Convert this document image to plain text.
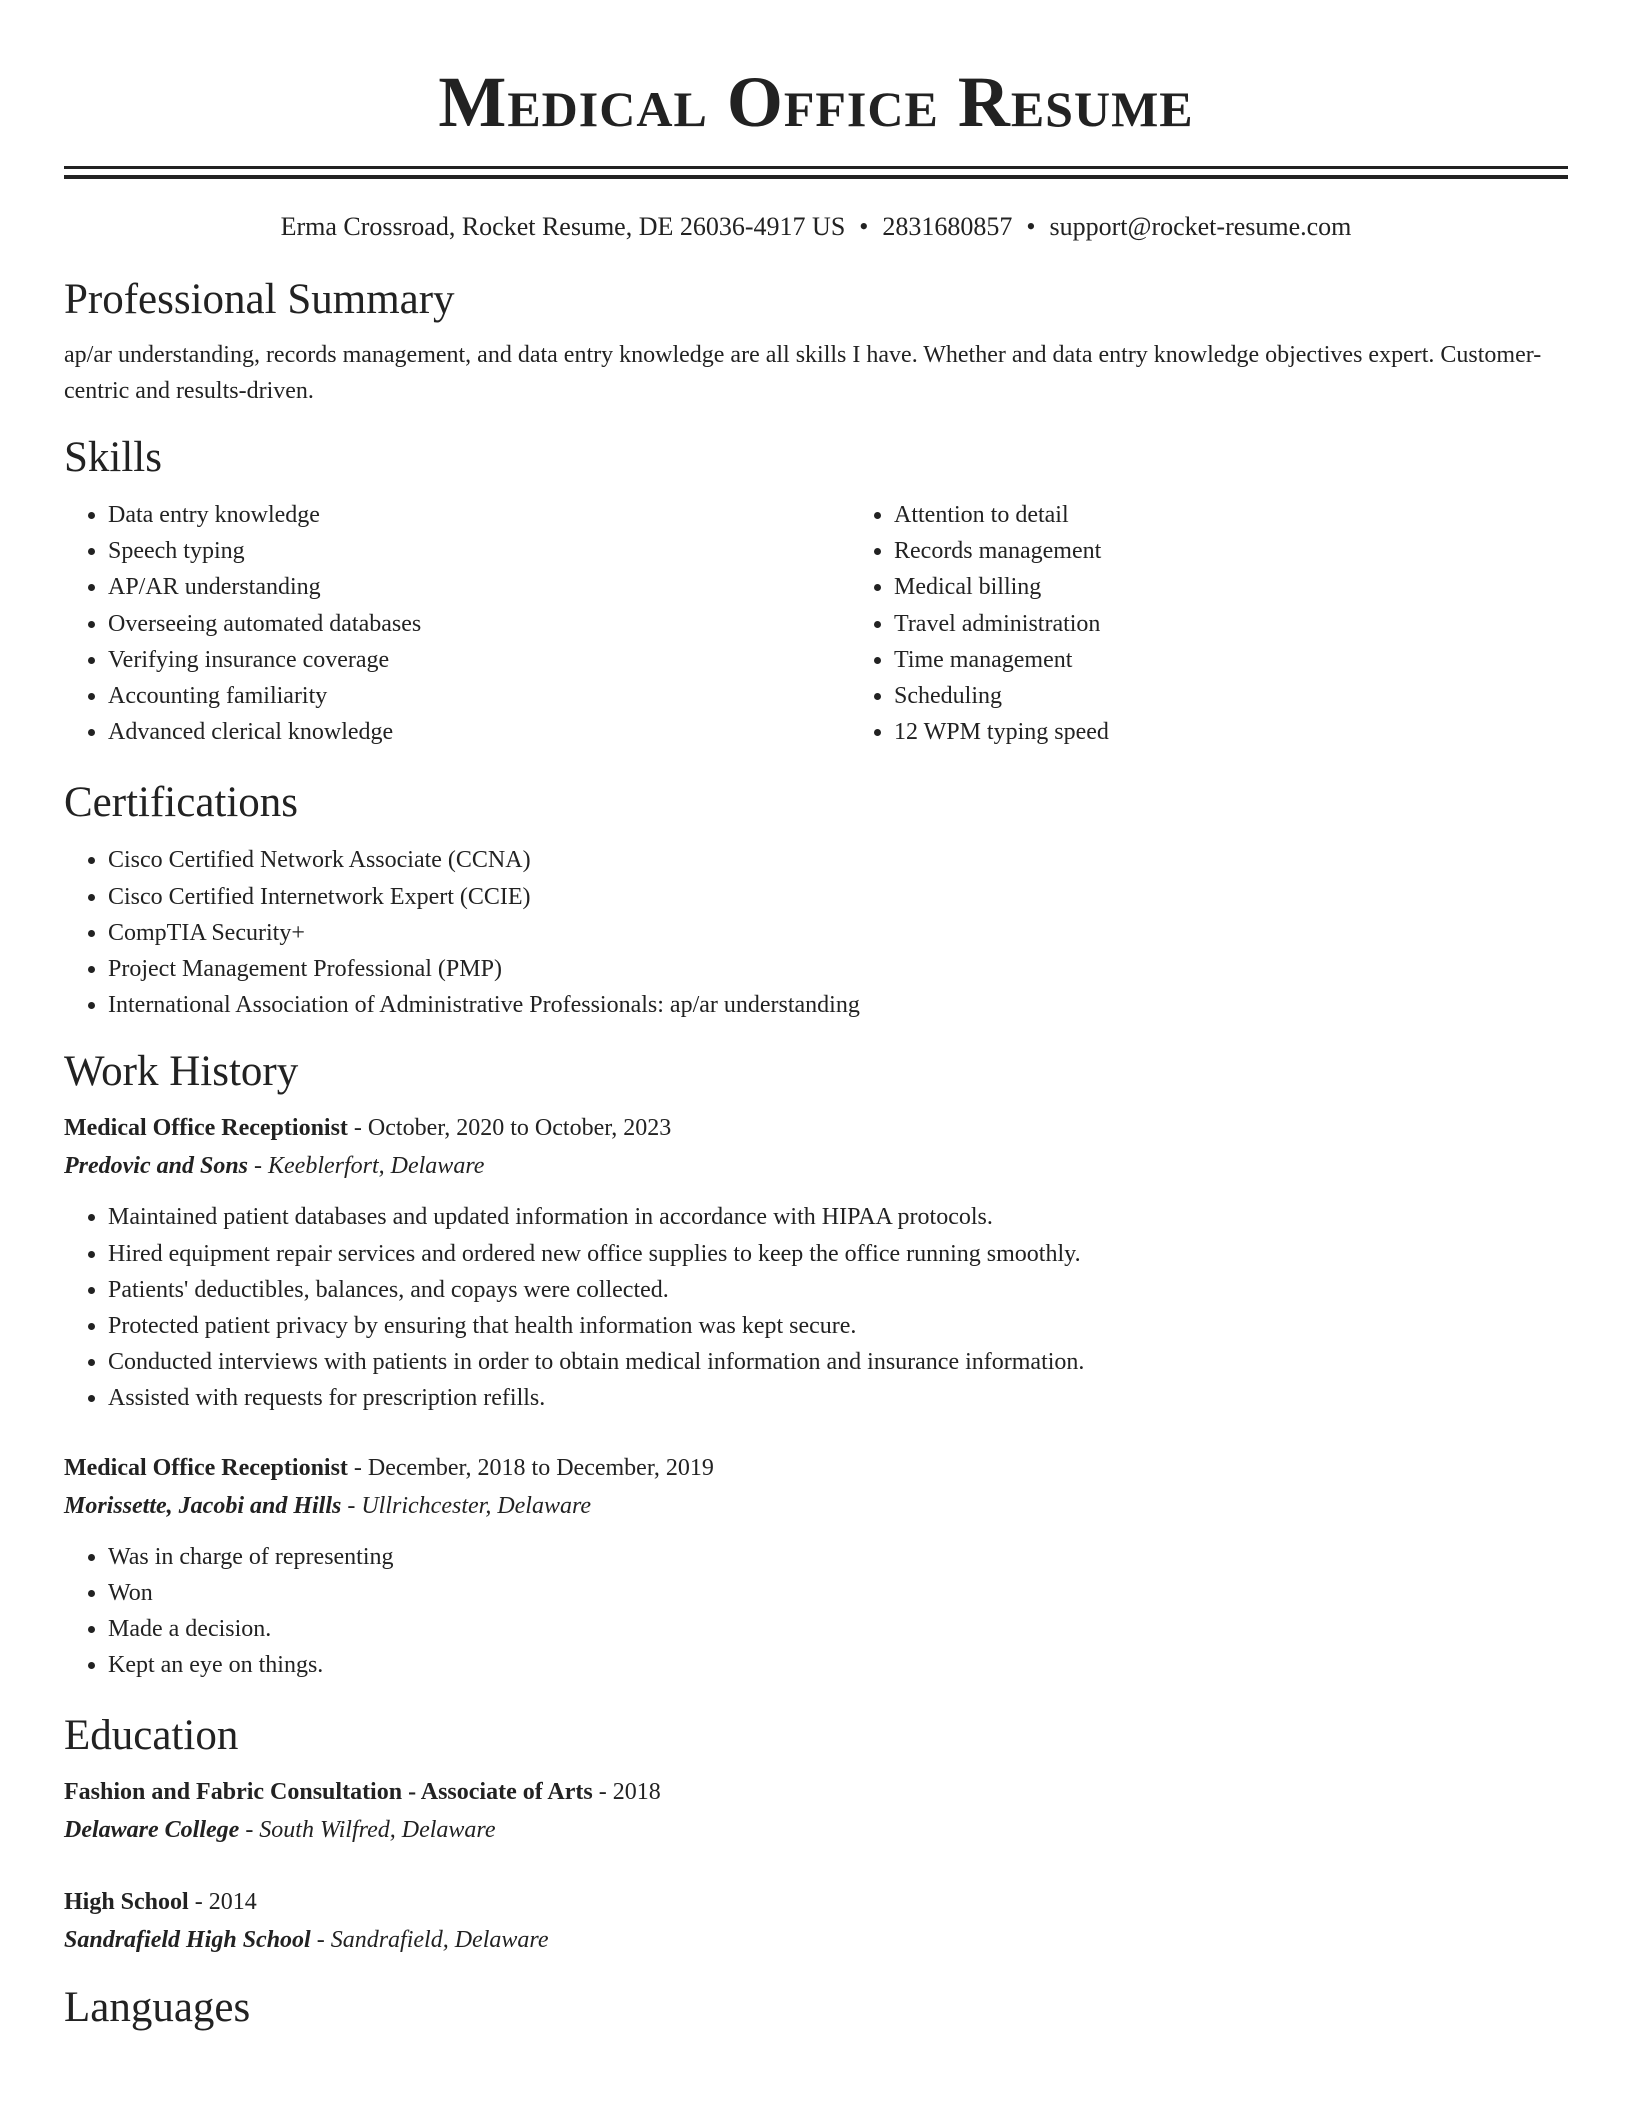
Medical Office Resume
Erma Crossroad, Rocket Resume, DE 26036-4917 US • 2831680857 • support@rocket-resume.com
Professional Summary

ap/ar understanding, records management, and data entry knowledge are all skills I have. Whether and data entry knowledge objectives expert. Customer-centric and results-driven.

Skills
• Data entry knowledge
• Speech typing
• AP/AR understanding
• Overseeing automated databases
• Verifying insurance coverage
• Accounting familiarity
• Advanced clerical knowledge
• Attention to detail
• Records management
• Medical billing
• Travel administration
• Time management
• Scheduling
• 12 WPM typing speed
Certifications
• Cisco Certified Network Associate (CCNA)
• Cisco Certified Internetwork Expert (CCIE)
• CompTIA Security+
• Project Management Professional (PMP)
• International Association of Administrative Professionals: ap/ar understanding
Work History
Medical Office Receptionist - October, 2020 to October, 2023
Predovic and Sons - Keeblerfort, Delaware
• Maintained patient databases and updated information in accordance with HIPAA protocols.
• Hired equipment repair services and ordered new office supplies to keep the office running smoothly.
• Patients' deductibles, balances, and copays were collected.
• Protected patient privacy by ensuring that health information was kept secure.
• Conducted interviews with patients in order to obtain medical information and insurance information.
• Assisted with requests for prescription refills.
Medical Office Receptionist - December, 2018 to December, 2019
Morissette, Jacobi and Hills - Ullrichcester, Delaware
• Was in charge of representing
• Won
• Made a decision.
• Kept an eye on things.
Education
Fashion and Fabric Consultation - Associate of Arts - 2018
Delaware College - South Wilfred, Delaware
High School - 2014
Sandrafield High School - Sandrafield, Delaware
Languages
